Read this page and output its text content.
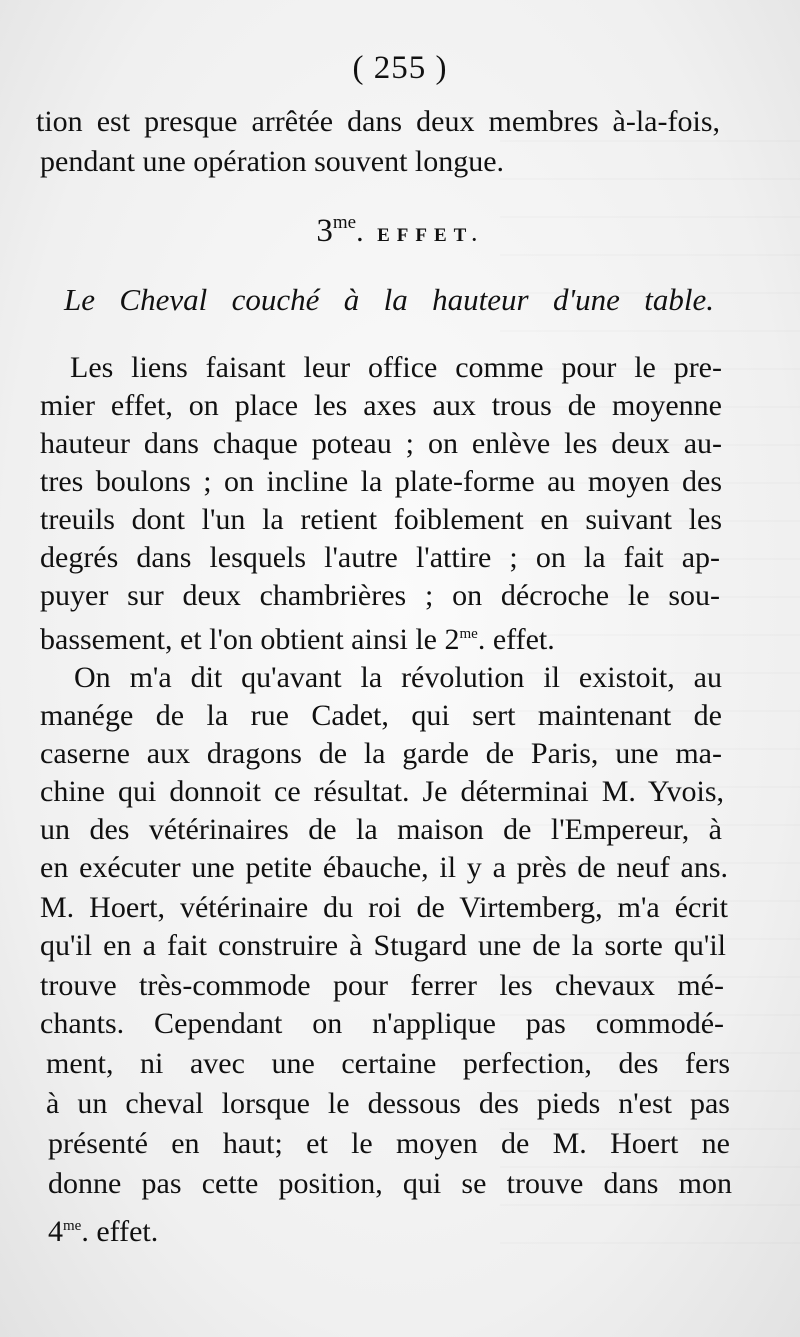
( 255 )
tion est presque arrêtée dans deux membres à-la-fois,
pendant une opération souvent longue.
$3^{me}$. EFFET.
Le Cheval couché à la hauteur d'une table.
Les liens faisant leur office comme pour le pre-
mier effet, on place les axes aux trous de moyenne
hauteur dans chaque poteau ; on enlève les deux au-
tres boulons ; on incline la plate-forme au moyen des
treuils dont l'un la retient foiblement en suivant les
degrés dans lesquels l'autre l'attire ; on la fait ap-
puyer sur deux chambrières ; on décroche le sou-
bassement, et l'on obtient ainsi le $2^{me}$. effet.
On m'a dit qu'avant la révolution il existoit, au
manége de la rue Cadet, qui sert maintenant de
caserne aux dragons de la garde de Paris, une ma-
chine qui donnoit ce résultat. Je déterminai M. Yvois,
un des vétérinaires de la maison de l'Empereur, à
en exécuter une petite ébauche, il y a près de neuf ans.
M. Hoert, vétérinaire du roi de Virtemberg, m'a écrit
qu'il en a fait construire à Stugard une de la sorte qu'il
trouve très-commode pour ferrer les chevaux mé-
chants. Cependant on n'applique pas commodé-
ment, ni avec une certaine perfection, des fers
à un cheval lorsque le dessous des pieds n'est pas
présenté en haut; et le moyen de M. Hoert ne
donne pas cette position, qui se trouve dans mon
$4^{me}$. effet.
